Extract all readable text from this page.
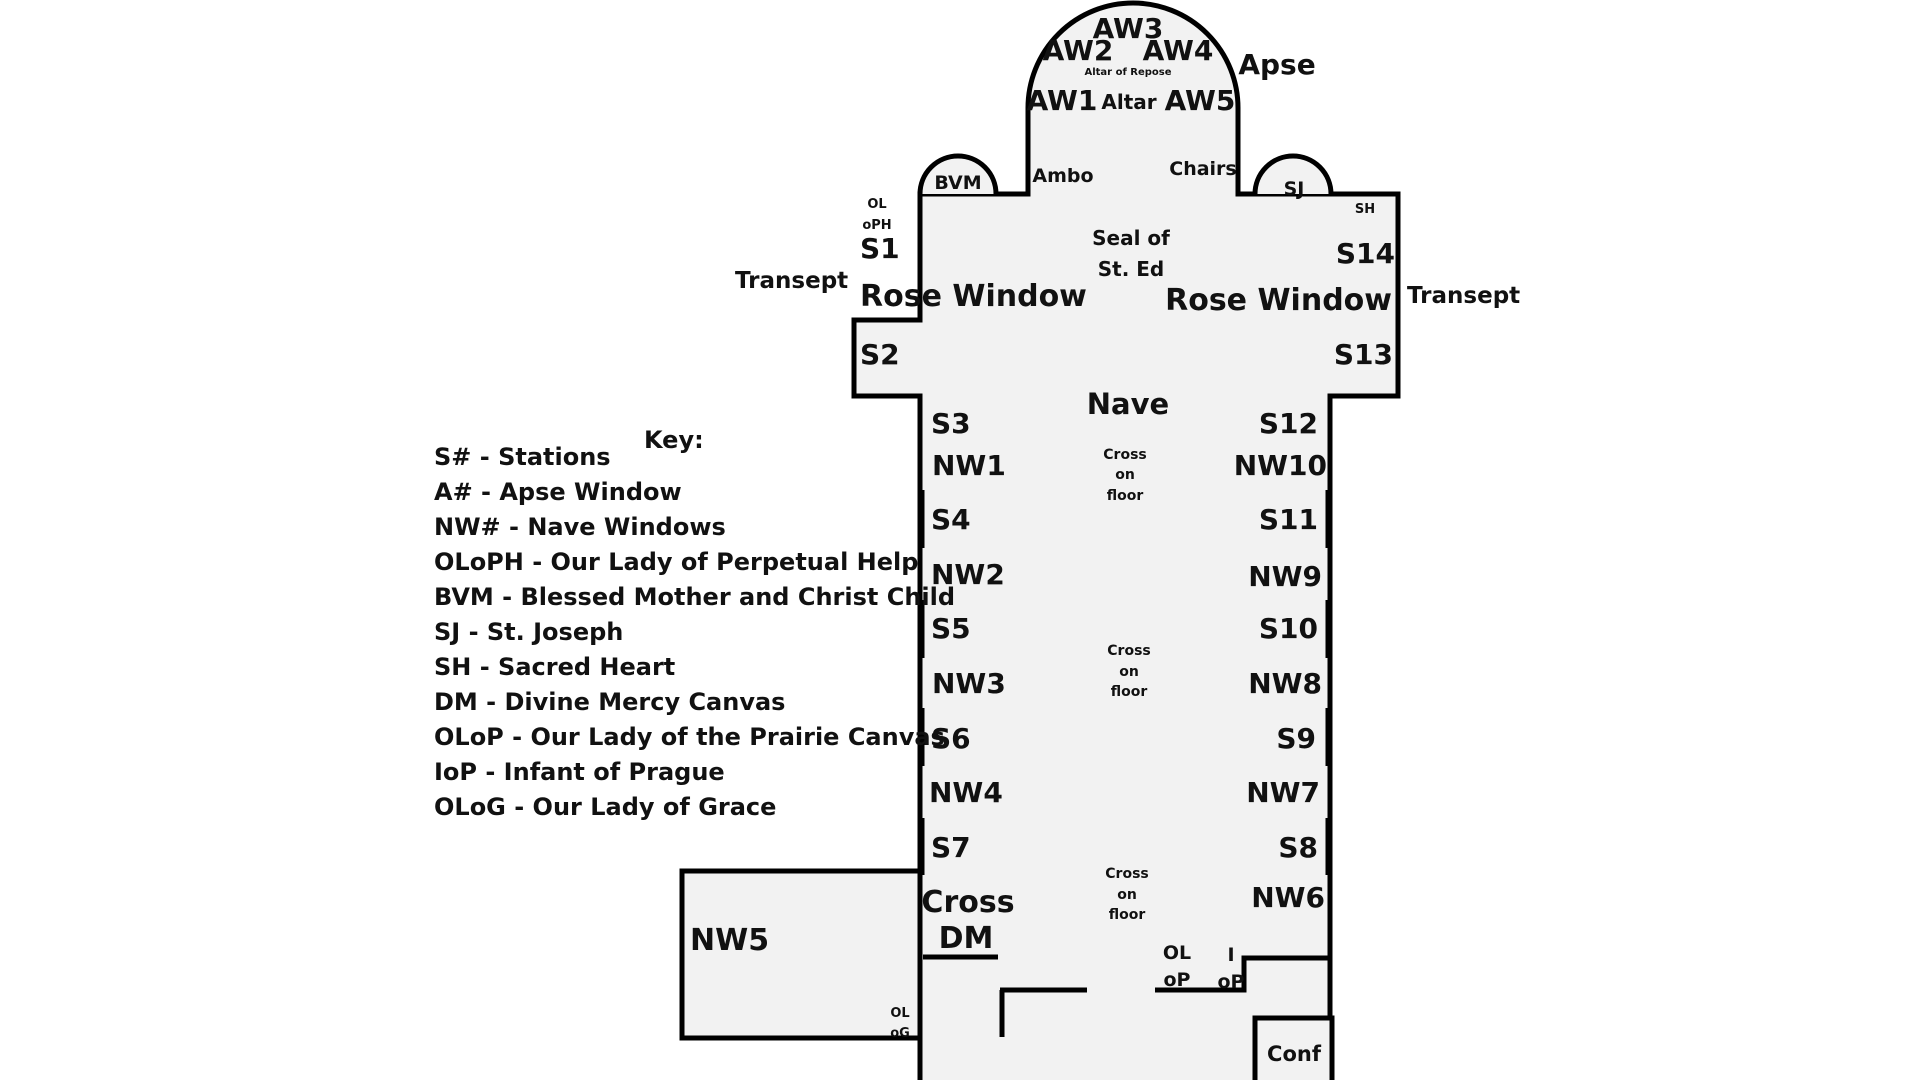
AW3
AW2 AW4
Altar of Repose
AW1 Altar AW5
Apse
BVM	Ambo	Chairs
SJ
SH
OL
oPH
S1
Transept Rose Window
S2
Seal of
St. Ed	S14
Rose Window Transept
S13
Nave
S3
NW1
S4
NW2
S5
NW3
S6
NW4
S7
Cross
DM
NW5
OL
oG
S12
NW10
S11
NW9
S10
NW8
S9
NW7
S8
NW6
Cross
on
floor
Cross
on
floor
Cross
on
floor
OL
oP
I
oP
Conf
Key:
S# - Stations
A# - Apse Window
NW# - Nave Windows
OLoPH - Our Lady of Perpetual Help
BVM - Blessed Mother and Christ Child
SJ - St. Joseph
SH - Sacred Heart
DM - Divine Mercy Canvas
OLoP - Our Lady of the Prairie Canvas
IoP - Infant of Prague
OLoG - Our Lady of Grace
